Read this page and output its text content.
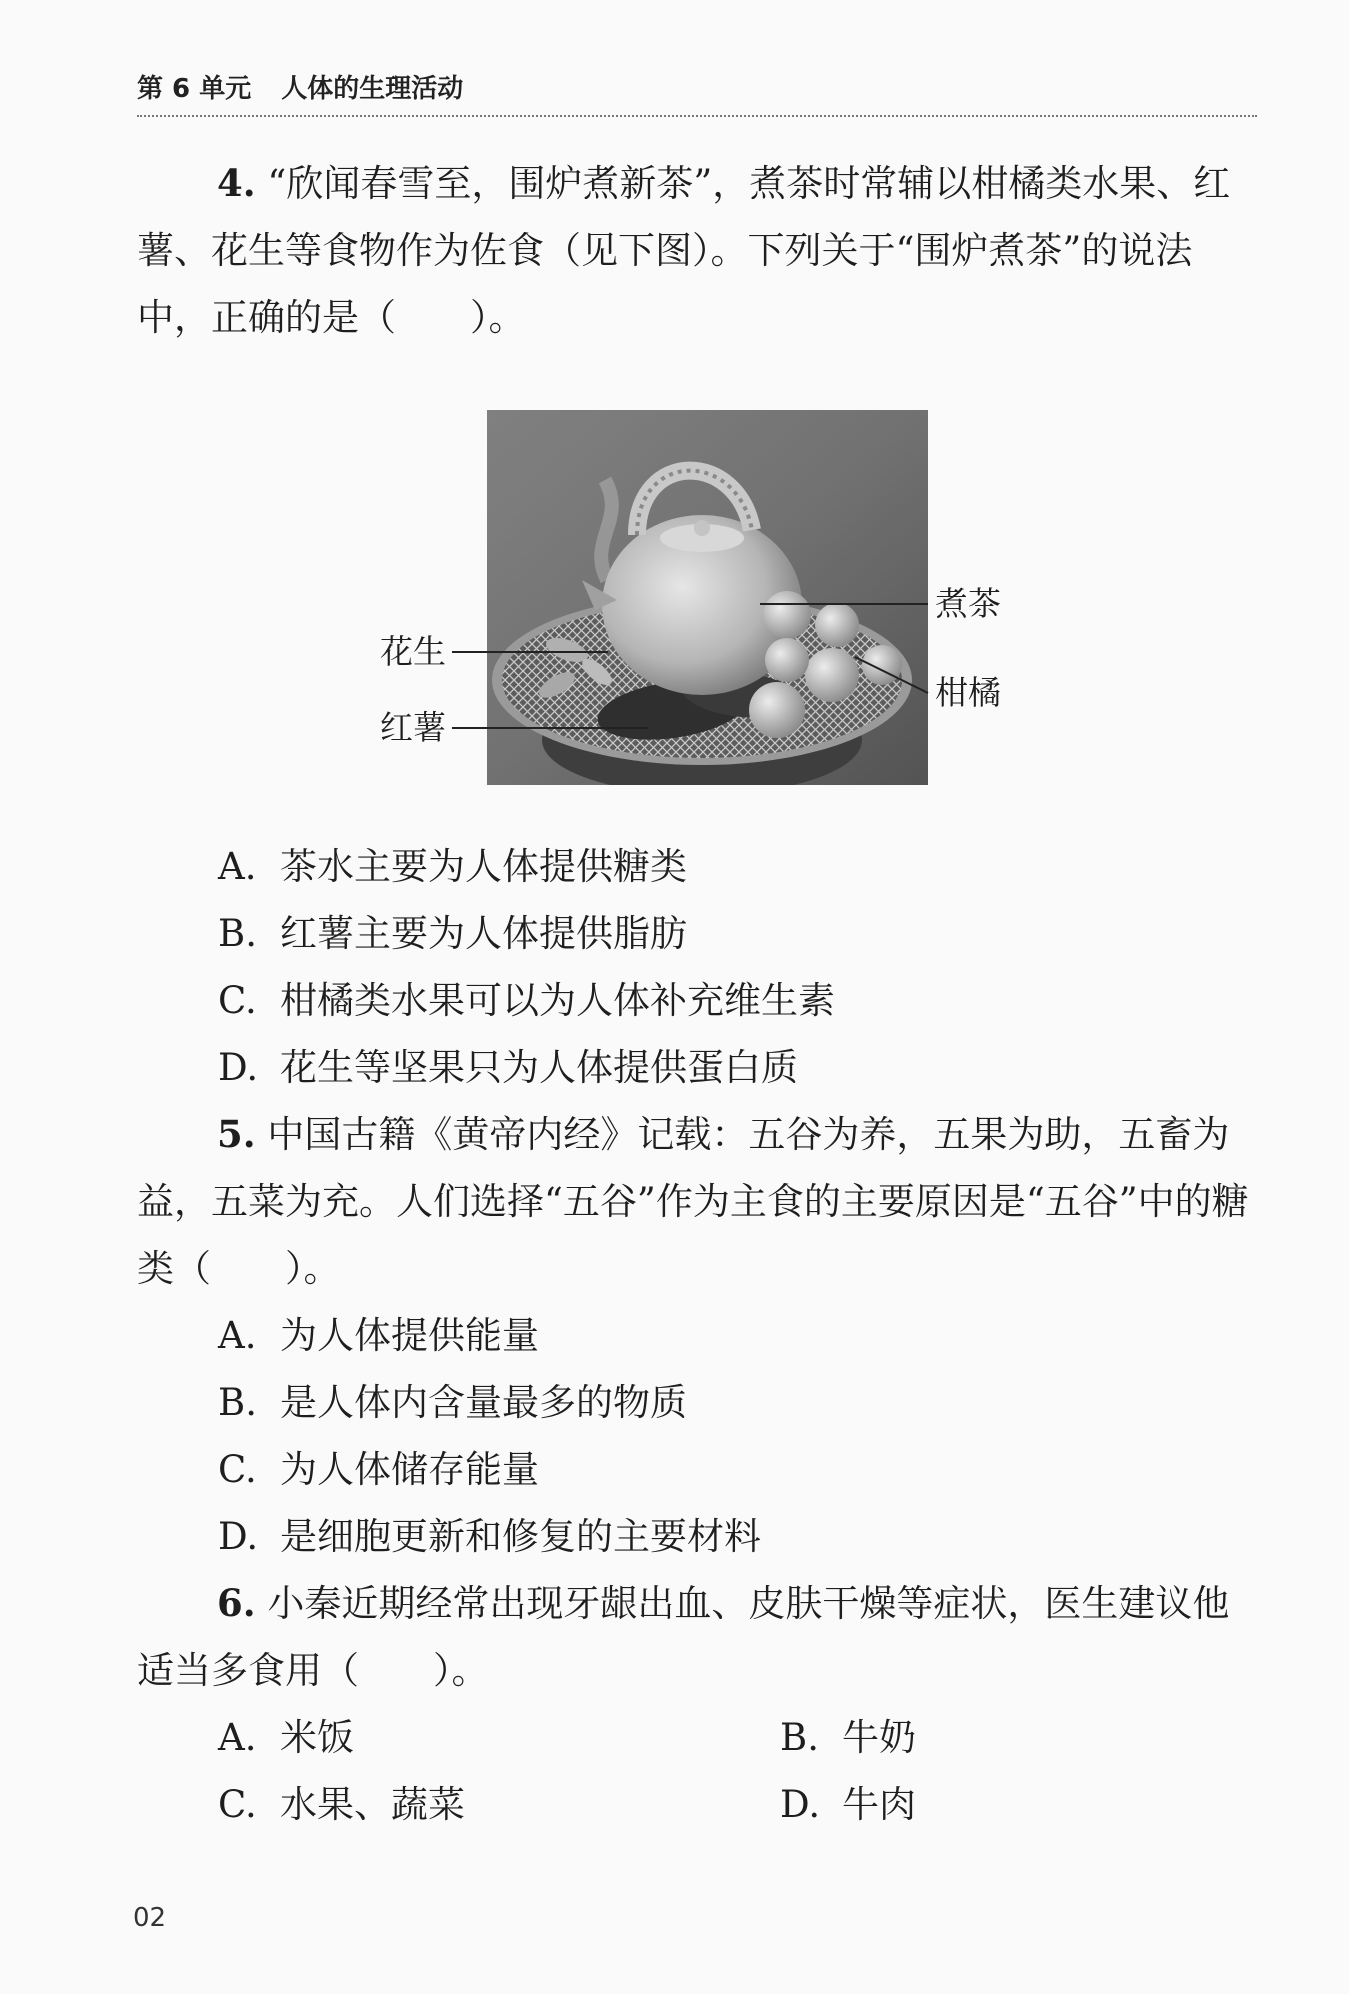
第 6 单元 人体的生理活动

4. “欣闻春雪至，围炉煮新茶”，煮茶时常辅以柑橘类水果、红薯、花生等食物作为佐食（见下图）。下列关于“围炉煮茶”的说法中，正确的是（　　）。

煮茶
花生
柑橘
红薯
A. 茶水主要为人体提供糖类
B. 红薯主要为人体提供脂肪
C. 柑橘类水果可以为人体补充维生素
D. 花生等坚果只为人体提供蛋白质

5. 中国古籍《黄帝内经》记载：五谷为养，五果为助，五畜为益，五菜为充。人们选择“五谷”作为主食的主要原因是“五谷”中的糖类（　　）。

A. 为人体提供能量
B. 是人体内含量最多的物质
C. 为人体储存能量
D. 是细胞更新和修复的主要材料

6. 小秦近期经常出现牙龈出血、皮肤干燥等症状，医生建议他适当多食用（　　）。

A. 米饭	B. 牛奶
C. 水果、蔬菜	D. 牛肉
02
